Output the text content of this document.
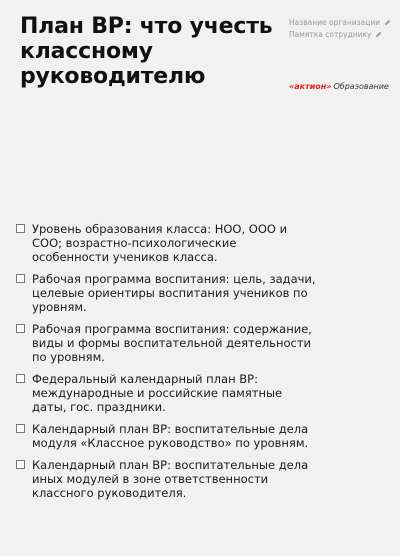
План ВР: что учесть классному руководителю
Название организации
Памятка сотруднику
«актион» Образование
Уровень образования класса: НОО, ООО и СОО; возрастно-психологические особенности учеников класса.
Рабочая программа воспитания: цель, задачи, целевые ориентиры воспитания учеников по уровням.
Рабочая программа воспитания: содержание, виды и формы воспитательной деятельности по уровням.
Федеральный календарный план ВР: международные и российские памятные даты, гос. праздники.
Календарный план ВР: воспитательные дела модуля «Классное руководство» по уровням.
Календарный план ВР: воспитательные дела иных модулей в зоне ответственности классного руководителя.
